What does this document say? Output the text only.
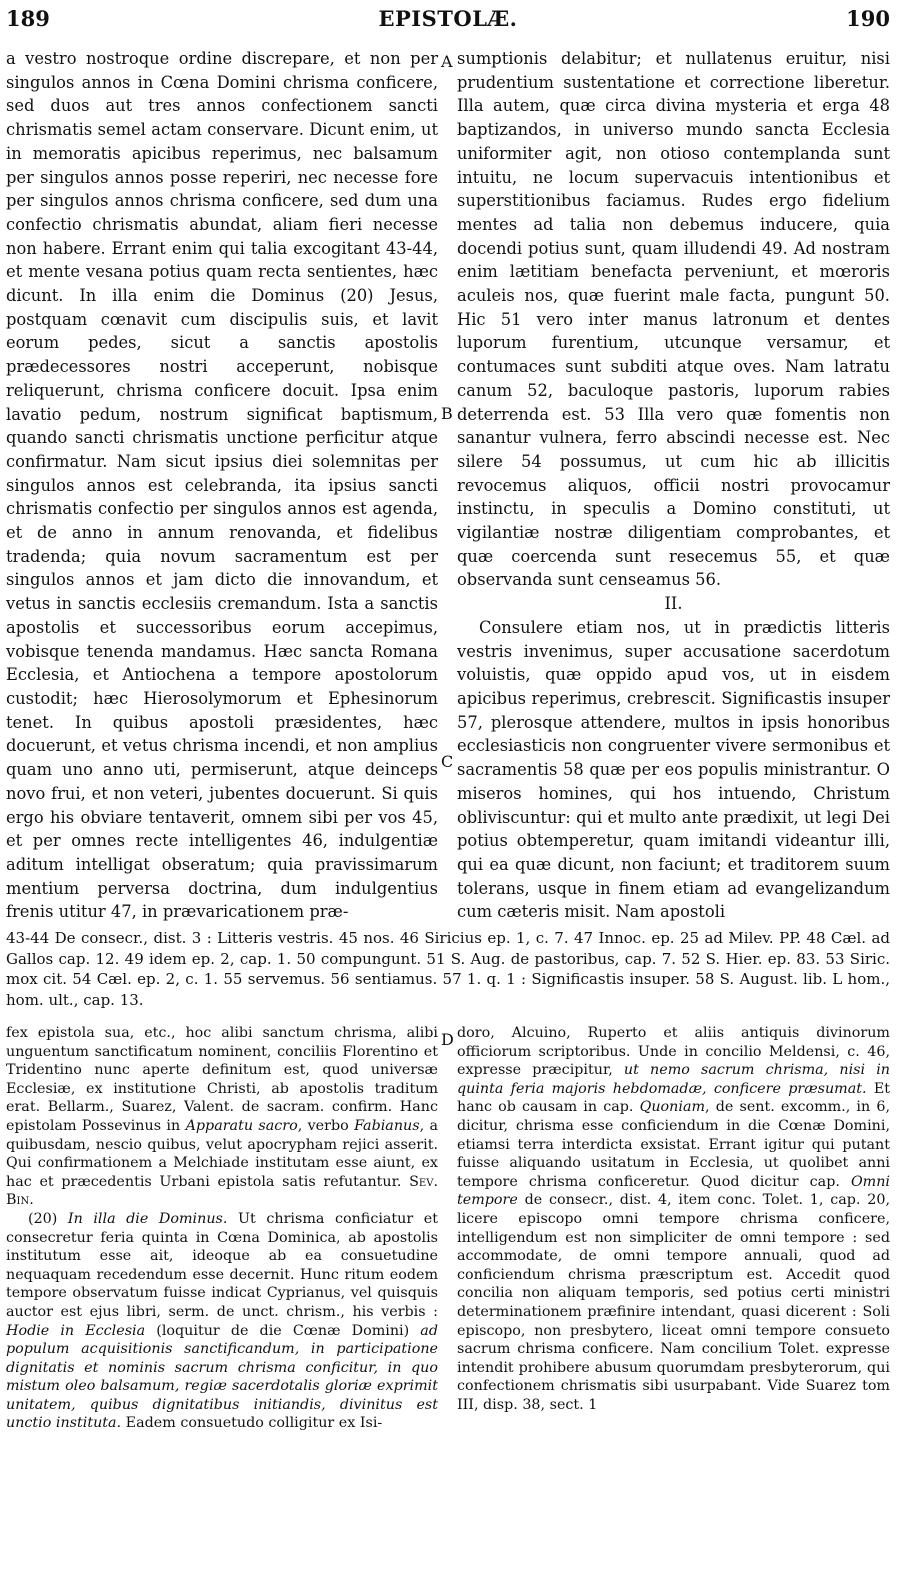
189	EPISTOLÆ.	190
A
B
C
D

a vestro nostroque ordine discrepare, et non per singulos annos in Cœna Domini chrisma conficere, sed duos aut tres annos confectionem sancti chrismatis semel actam conservare. Dicunt enim, ut in memoratis apicibus reperimus, nec balsamum per singulos annos posse reperiri, nec necesse fore per singulos annos chrisma conficere, sed dum una confectio chrismatis abundat, aliam fieri necesse non habere. Errant enim qui talia excogitant 43-44, et mente vesana potius quam recta sentientes, hæc dicunt. In illa enim die Dominus (20) Jesus, postquam cœnavit cum discipulis suis, et lavit eorum pedes, sicut a sanctis apostolis prædecessores nostri acceperunt, nobisque reliquerunt, chrisma conficere docuit. Ipsa enim lavatio pedum, nostrum significat baptismum, quando sancti chrismatis unctione perficitur atque confirmatur. Nam sicut ipsius diei solemnitas per singulos annos est celebranda, ita ipsius sancti chrismatis confectio per singulos annos est agenda, et de anno in annum renovanda, et fidelibus tradenda; quia novum sacramentum est per singulos annos et jam dicto die innovandum, et vetus in sanctis ecclesiis cremandum. Ista a sanctis apostolis et successoribus eorum accepimus, vobisque tenenda mandamus. Hæc sancta Romana Ecclesia, et Antiochena a tempore apostolorum custodit; hæc Hierosolymorum et Ephesinorum tenet. In quibus apostoli præsidentes, hæc docuerunt, et vetus chrisma incendi, et non amplius quam uno anno uti, permiserunt, atque deinceps novo frui, et non veteri, jubentes docuerunt. Si quis ergo his obviare tentaverit, omnem sibi per vos 45, et per omnes recte intelligentes 46, indulgentiæ aditum intelligat obseratum; quia pravissimarum mentium perversa doctrina, dum indulgentius frenis utitur 47, in prævaricationem præ-

sumptionis delabitur; et nullatenus eruitur, nisi prudentium sustentatione et correctione liberetur. Illa autem, quæ circa divina mysteria et erga 48 baptizandos, in universo mundo sancta Ecclesia uniformiter agit, non otioso contemplanda sunt intuitu, ne locum supervacuis intentionibus et superstitionibus faciamus. Rudes ergo fidelium mentes ad talia non debemus inducere, quia docendi potius sunt, quam illudendi 49. Ad nostram enim lætitiam benefacta perveniunt, et mœroris aculeis nos, quæ fuerint male facta, pungunt 50. Hic 51 vero inter manus latronum et dentes luporum furentium, utcunque versamur, et contumaces sunt subditi atque oves. Nam latratu canum 52, baculoque pastoris, luporum rabies deterrenda est. 53 Illa vero quæ fomentis non sanantur vulnera, ferro abscindi necesse est. Nec silere 54 possumus, ut cum hic ab illicitis revocemus aliquos, officii nostri provocamur instinctu, in speculis a Domino constituti, ut vigilantiæ nostræ diligentiam comprobantes, et quæ coercenda sunt resecemus 55, et quæ observanda sunt censeamus 56.

II.

Consulere etiam nos, ut in prædictis litteris vestris invenimus, super accusatione sacerdotum voluistis, quæ oppido apud vos, ut in eisdem apicibus reperimus, crebrescit. Significastis insuper 57, plerosque attendere, multos in ipsis honoribus ecclesiasticis non congruenter vivere sermonibus et sacramentis 58 quæ per eos populis ministrantur. O miseros homines, qui hos intuendo, Christum obliviscuntur: qui et multo ante prædixit, ut legi Dei potius obtemperetur, quam imitandi videantur illi, qui ea quæ dicunt, non faciunt; et traditorem suum tolerans, usque in finem etiam ad evangelizandum cum cæteris misit. Nam apostoli

43-44 De consecr., dist. 3 : Litteris vestris. 45 nos. 46 Siricius ep. 1, c. 7. 47 Innoc. ep. 25 ad Milev. PP. 48 Cæl. ad Gallos cap. 12. 49 idem ep. 2, cap. 1. 50 compungunt. 51 S. Aug. de pastoribus, cap. 7. 52 S. Hier. ep. 83. 53 Siric. mox cit. 54 Cæl. ep. 2, c. 1. 55 servemus. 56 sentiamus. 57 1. q. 1 : Significastis insuper. 58 S. August. lib. L hom., hom. ult., cap. 13.

fex epistola sua, etc., hoc alibi sanctum chrisma, alibi unguentum sanctificatum nominent, conciliis Florentino et Tridentino nunc aperte definitum est, quod universæ Ecclesiæ, ex institutione Christi, ab apostolis traditum erat. Bellarm., Suarez, Valent. de sacram. confirm. Hanc epistolam Possevinus in Apparatu sacro, verbo Fabianus, a quibusdam, nescio quibus, velut apocrypham rejici asserit. Qui confirmationem a Melchiade institutam esse aiunt, ex hac et præcedentis Urbani epistola satis refutantur. Sev. Bin.

(20) In illa die Dominus. Ut chrisma conficiatur et consecretur feria quinta in Cœna Dominica, ab apostolis institutum esse ait, ideoque ab ea consuetudine nequaquam recedendum esse decernit. Hunc ritum eodem tempore observatum fuisse indicat Cyprianus, vel quisquis auctor est ejus libri, serm. de unct. chrism., his verbis : Hodie in Ecclesia (loquitur de die Cœnæ Domini) ad populum acquisitionis sanctificandum, in participatione dignitatis et nominis sacrum chrisma conficitur, in quo mistum oleo balsamum, regiæ sacerdotalis gloriæ exprimit unitatem, quibus dignitatibus initiandis, divinitus est unctio instituta. Eadem consuetudo colligitur ex Isi-

doro, Alcuino, Ruperto et aliis antiquis divinorum officiorum scriptoribus. Unde in concilio Meldensi, c. 46, expresse præcipitur, ut nemo sacrum chrisma, nisi in quinta feria majoris hebdomadæ, conficere præsumat. Et hanc ob causam in cap. Quoniam, de sent. excomm., in 6, dicitur, chrisma esse conficiendum in die Cœnæ Domini, etiamsi terra interdicta exsistat. Errant igitur qui putant fuisse aliquando usitatum in Ecclesia, ut quolibet anni tempore chrisma conficeretur. Quod dicitur cap. Omni tempore de consecr., dist. 4, item conc. Tolet. 1, cap. 20, licere episcopo omni tempore chrisma conficere, intelligendum est non simpliciter de omni tempore : sed accommodate, de omni tempore annuali, quod ad conficiendum chrisma præscriptum est. Accedit quod concilia non aliquam temporis, sed potius certi ministri determinationem præfinire intendant, quasi dicerent : Soli episcopo, non presbytero, liceat omni tempore consueto sacrum chrisma conficere. Nam concilium Tolet. expresse intendit prohibere abusum quorumdam presbyterorum, qui confectionem chrismatis sibi usurpabant. Vide Suarez tom III, disp. 38, sect. 1
